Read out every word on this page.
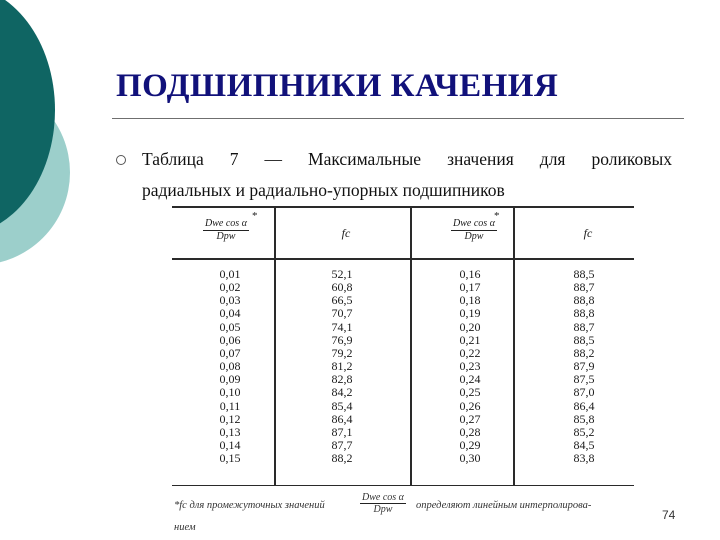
ПОДШИПНИКИ КАЧЕНИЯ

Таблица 7 — Максимальные значения для роликовых

радиальных и радиально-упорных подшипников

$\frac{\text{Dwe cos α}}{\text{Dpw}}$
*
fc	$\frac{\text{Dwe cos α}}{\text{Dpw}}$
*
fc
0,01
0,02
0,03
0,04
0,05
0,06
0,07
0,08
0,09
0,10
0,11
0,12
0,13
0,14
0,15
52,1
60,8
66,5
70,7
74,1
76,9
79,2
81,2
82,8
84,2
85,4
86,4
87,1
87,7
88,2
0,16
0,17
0,18
0,19
0,20
0,21
0,22
0,23
0,24
0,25
0,26
0,27
0,28
0,29
0,30
88,5
88,7
88,8
88,8
88,7
88,5
88,2
87,9
87,5
87,0
86,4
85,8
85,2
84,5
83,8
*fc для промежуточных значений
Dwe cos α
Dpw	определяют линейным интерполирова-
нием
74
